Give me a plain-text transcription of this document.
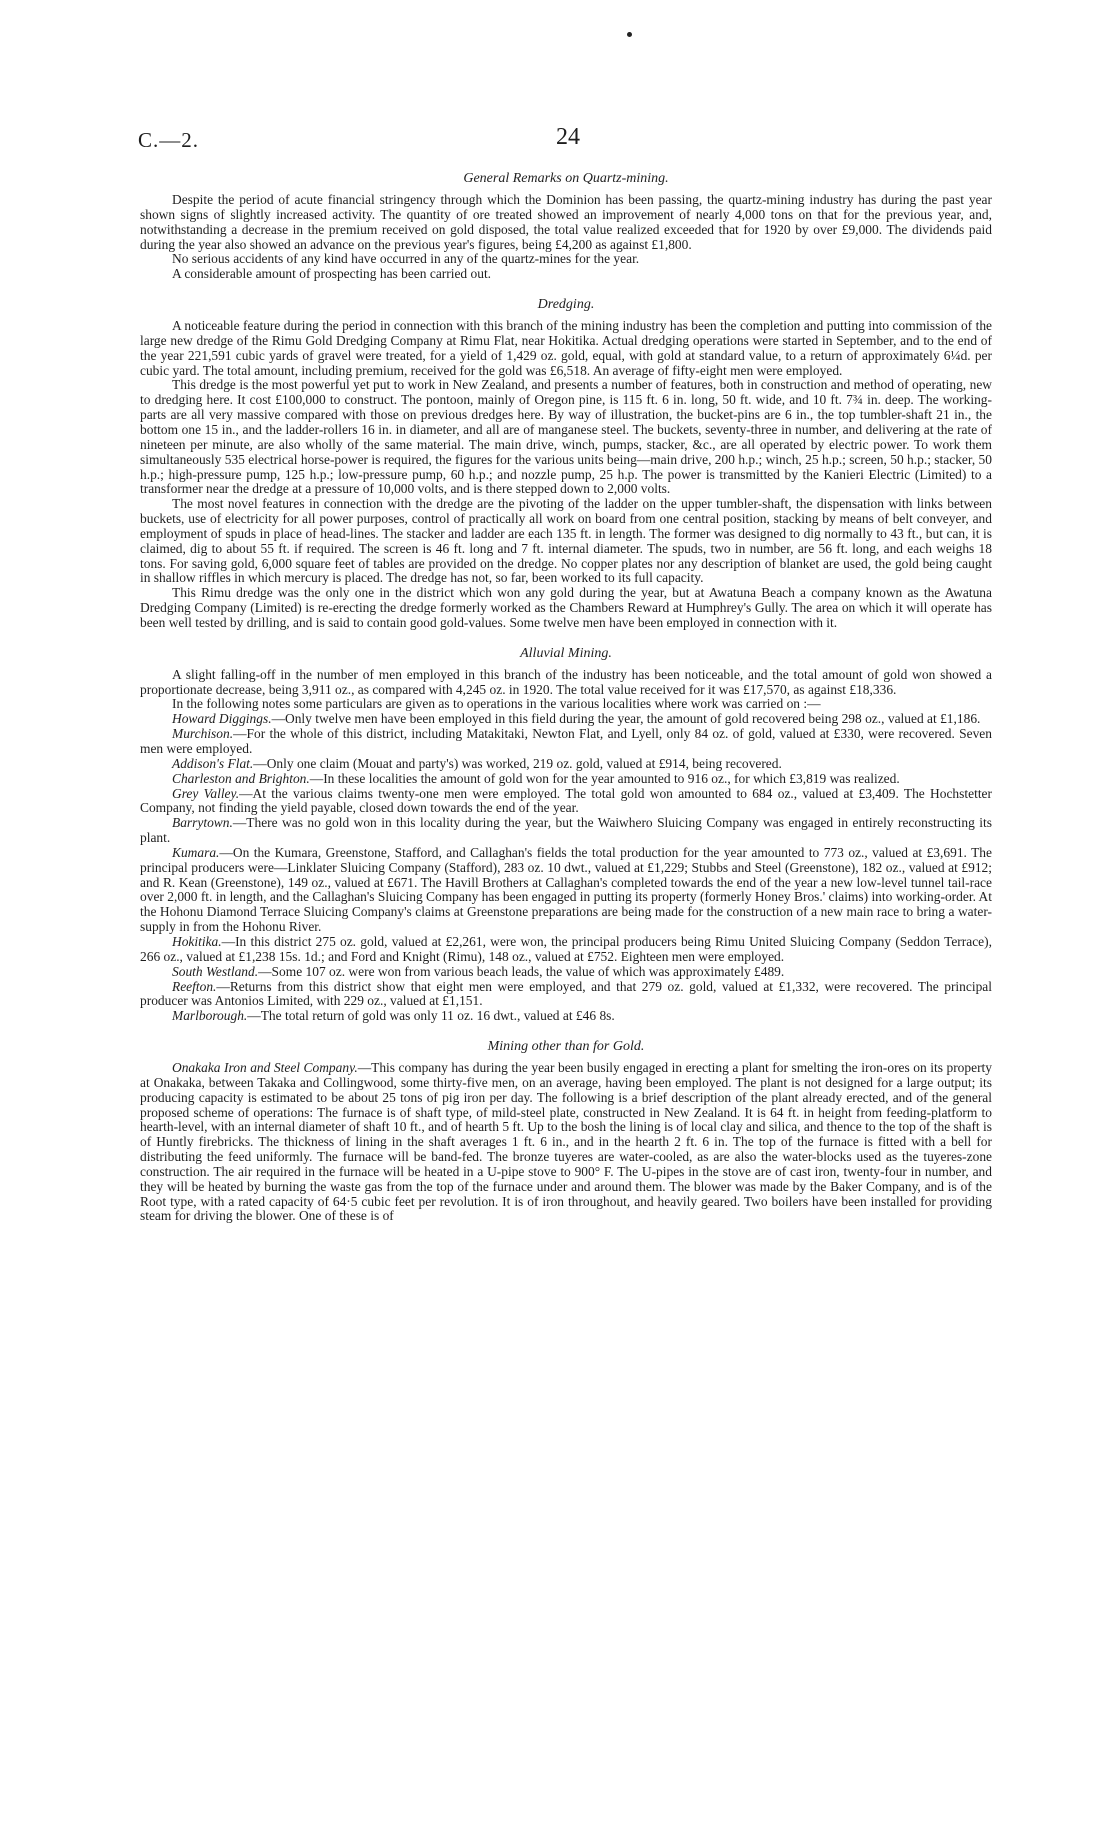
C.—2.	24
General Remarks on Quartz-mining.

Despite the period of acute financial stringency through which the Dominion has been passing, the quartz-mining industry has during the past year shown signs of slightly increased activity. The quantity of ore treated showed an improvement of nearly 4,000 tons on that for the previous year, and, notwithstanding a decrease in the premium received on gold disposed, the total value realized exceeded that for 1920 by over £9,000. The dividends paid during the year also showed an advance on the previous year's figures, being £4,200 as against £1,800.

No serious accidents of any kind have occurred in any of the quartz-mines for the year.

A considerable amount of prospecting has been carried out.

Dredging.

A noticeable feature during the period in connection with this branch of the mining industry has been the completion and putting into commission of the large new dredge of the Rimu Gold Dredging Company at Rimu Flat, near Hokitika. Actual dredging operations were started in September, and to the end of the year 221,591 cubic yards of gravel were treated, for a yield of 1,429 oz. gold, equal, with gold at standard value, to a return of approximately 6¼d. per cubic yard. The total amount, including premium, received for the gold was £6,518. An average of fifty-eight men were employed.

This dredge is the most powerful yet put to work in New Zealand, and presents a number of features, both in construction and method of operating, new to dredging here. It cost £100,000 to construct. The pontoon, mainly of Oregon pine, is 115 ft. 6 in. long, 50 ft. wide, and 10 ft. 7¾ in. deep. The working-parts are all very massive compared with those on previous dredges here. By way of illustration, the bucket-pins are 6 in., the top tumbler-shaft 21 in., the bottom one 15 in., and the ladder-rollers 16 in. in diameter, and all are of manganese steel. The buckets, seventy-three in number, and delivering at the rate of nineteen per minute, are also wholly of the same material. The main drive, winch, pumps, stacker, &c., are all operated by electric power. To work them simultaneously 535 electrical horse-power is required, the figures for the various units being—main drive, 200 h.p.; winch, 25 h.p.; screen, 50 h.p.; stacker, 50 h.p.; high-pressure pump, 125 h.p.; low-pressure pump, 60 h.p.; and nozzle pump, 25 h.p. The power is transmitted by the Kanieri Electric (Limited) to a transformer near the dredge at a pressure of 10,000 volts, and is there stepped down to 2,000 volts.

The most novel features in connection with the dredge are the pivoting of the ladder on the upper tumbler-shaft, the dispensation with links between buckets, use of electricity for all power purposes, control of practically all work on board from one central position, stacking by means of belt conveyer, and employment of spuds in place of head-lines. The stacker and ladder are each 135 ft. in length. The former was designed to dig normally to 43 ft., but can, it is claimed, dig to about 55 ft. if required. The screen is 46 ft. long and 7 ft. internal diameter. The spuds, two in number, are 56 ft. long, and each weighs 18 tons. For saving gold, 6,000 square feet of tables are provided on the dredge. No copper plates nor any description of blanket are used, the gold being caught in shallow riffles in which mercury is placed. The dredge has not, so far, been worked to its full capacity.

This Rimu dredge was the only one in the district which won any gold during the year, but at Awatuna Beach a company known as the Awatuna Dredging Company (Limited) is re-erecting the dredge formerly worked as the Chambers Reward at Humphrey's Gully. The area on which it will operate has been well tested by drilling, and is said to contain good gold-values. Some twelve men have been employed in connection with it.

Alluvial Mining.

A slight falling-off in the number of men employed in this branch of the industry has been noticeable, and the total amount of gold won showed a proportionate decrease, being 3,911 oz., as compared with 4,245 oz. in 1920. The total value received for it was £17,570, as against £18,336.

In the following notes some particulars are given as to operations in the various localities where work was carried on :—

Howard Diggings.—Only twelve men have been employed in this field during the year, the amount of gold recovered being 298 oz., valued at £1,186.

Murchison.—For the whole of this district, including Matakitaki, Newton Flat, and Lyell, only 84 oz. of gold, valued at £330, were recovered. Seven men were employed.

Addison's Flat.—Only one claim (Mouat and party's) was worked, 219 oz. gold, valued at £914, being recovered.

Charleston and Brighton.—In these localities the amount of gold won for the year amounted to 916 oz., for which £3,819 was realized.

Grey Valley.—At the various claims twenty-one men were employed. The total gold won amounted to 684 oz., valued at £3,409. The Hochstetter Company, not finding the yield payable, closed down towards the end of the year.

Barrytown.—There was no gold won in this locality during the year, but the Waiwhero Sluicing Company was engaged in entirely reconstructing its plant.

Kumara.—On the Kumara, Greenstone, Stafford, and Callaghan's fields the total production for the year amounted to 773 oz., valued at £3,691. The principal producers were—Linklater Sluicing Company (Stafford), 283 oz. 10 dwt., valued at £1,229; Stubbs and Steel (Greenstone), 182 oz., valued at £912; and R. Kean (Greenstone), 149 oz., valued at £671. The Havill Brothers at Callaghan's completed towards the end of the year a new low-level tunnel tail-race over 2,000 ft. in length, and the Callaghan's Sluicing Company has been engaged in putting its property (formerly Honey Bros.' claims) into working-order. At the Hohonu Diamond Terrace Sluicing Company's claims at Greenstone preparations are being made for the construction of a new main race to bring a water-supply in from the Hohonu River.

Hokitika.—In this district 275 oz. gold, valued at £2,261, were won, the principal producers being Rimu United Sluicing Company (Seddon Terrace), 266 oz., valued at £1,238 15s. 1d.; and Ford and Knight (Rimu), 148 oz., valued at £752. Eighteen men were employed.

South Westland.—Some 107 oz. were won from various beach leads, the value of which was approximately £489.

Reefton.—Returns from this district show that eight men were employed, and that 279 oz. gold, valued at £1,332, were recovered. The principal producer was Antonios Limited, with 229 oz., valued at £1,151.

Marlborough.—The total return of gold was only 11 oz. 16 dwt., valued at £46 8s.

Mining other than for Gold.

Onakaka Iron and Steel Company.—This company has during the year been busily engaged in erecting a plant for smelting the iron-ores on its property at Onakaka, between Takaka and Collingwood, some thirty-five men, on an average, having been employed. The plant is not designed for a large output; its producing capacity is estimated to be about 25 tons of pig iron per day. The following is a brief description of the plant already erected, and of the general proposed scheme of operations: The furnace is of shaft type, of mild-steel plate, constructed in New Zealand. It is 64 ft. in height from feeding-platform to hearth-level, with an internal diameter of shaft 10 ft., and of hearth 5 ft. Up to the bosh the lining is of local clay and silica, and thence to the top of the shaft is of Huntly firebricks. The thickness of lining in the shaft averages 1 ft. 6 in., and in the hearth 2 ft. 6 in. The top of the furnace is fitted with a bell for distributing the feed uniformly. The furnace will be band-fed. The bronze tuyeres are water-cooled, as are also the water-blocks used as the tuyeres-zone construction. The air required in the furnace will be heated in a U-pipe stove to 900° F. The U-pipes in the stove are of cast iron, twenty-four in number, and they will be heated by burning the waste gas from the top of the furnace under and around them. The blower was made by the Baker Company, and is of the Root type, with a rated capacity of 64·5 cubic feet per revolution. It is of iron throughout, and heavily geared. Two boilers have been installed for providing steam for driving the blower. One of these is of
